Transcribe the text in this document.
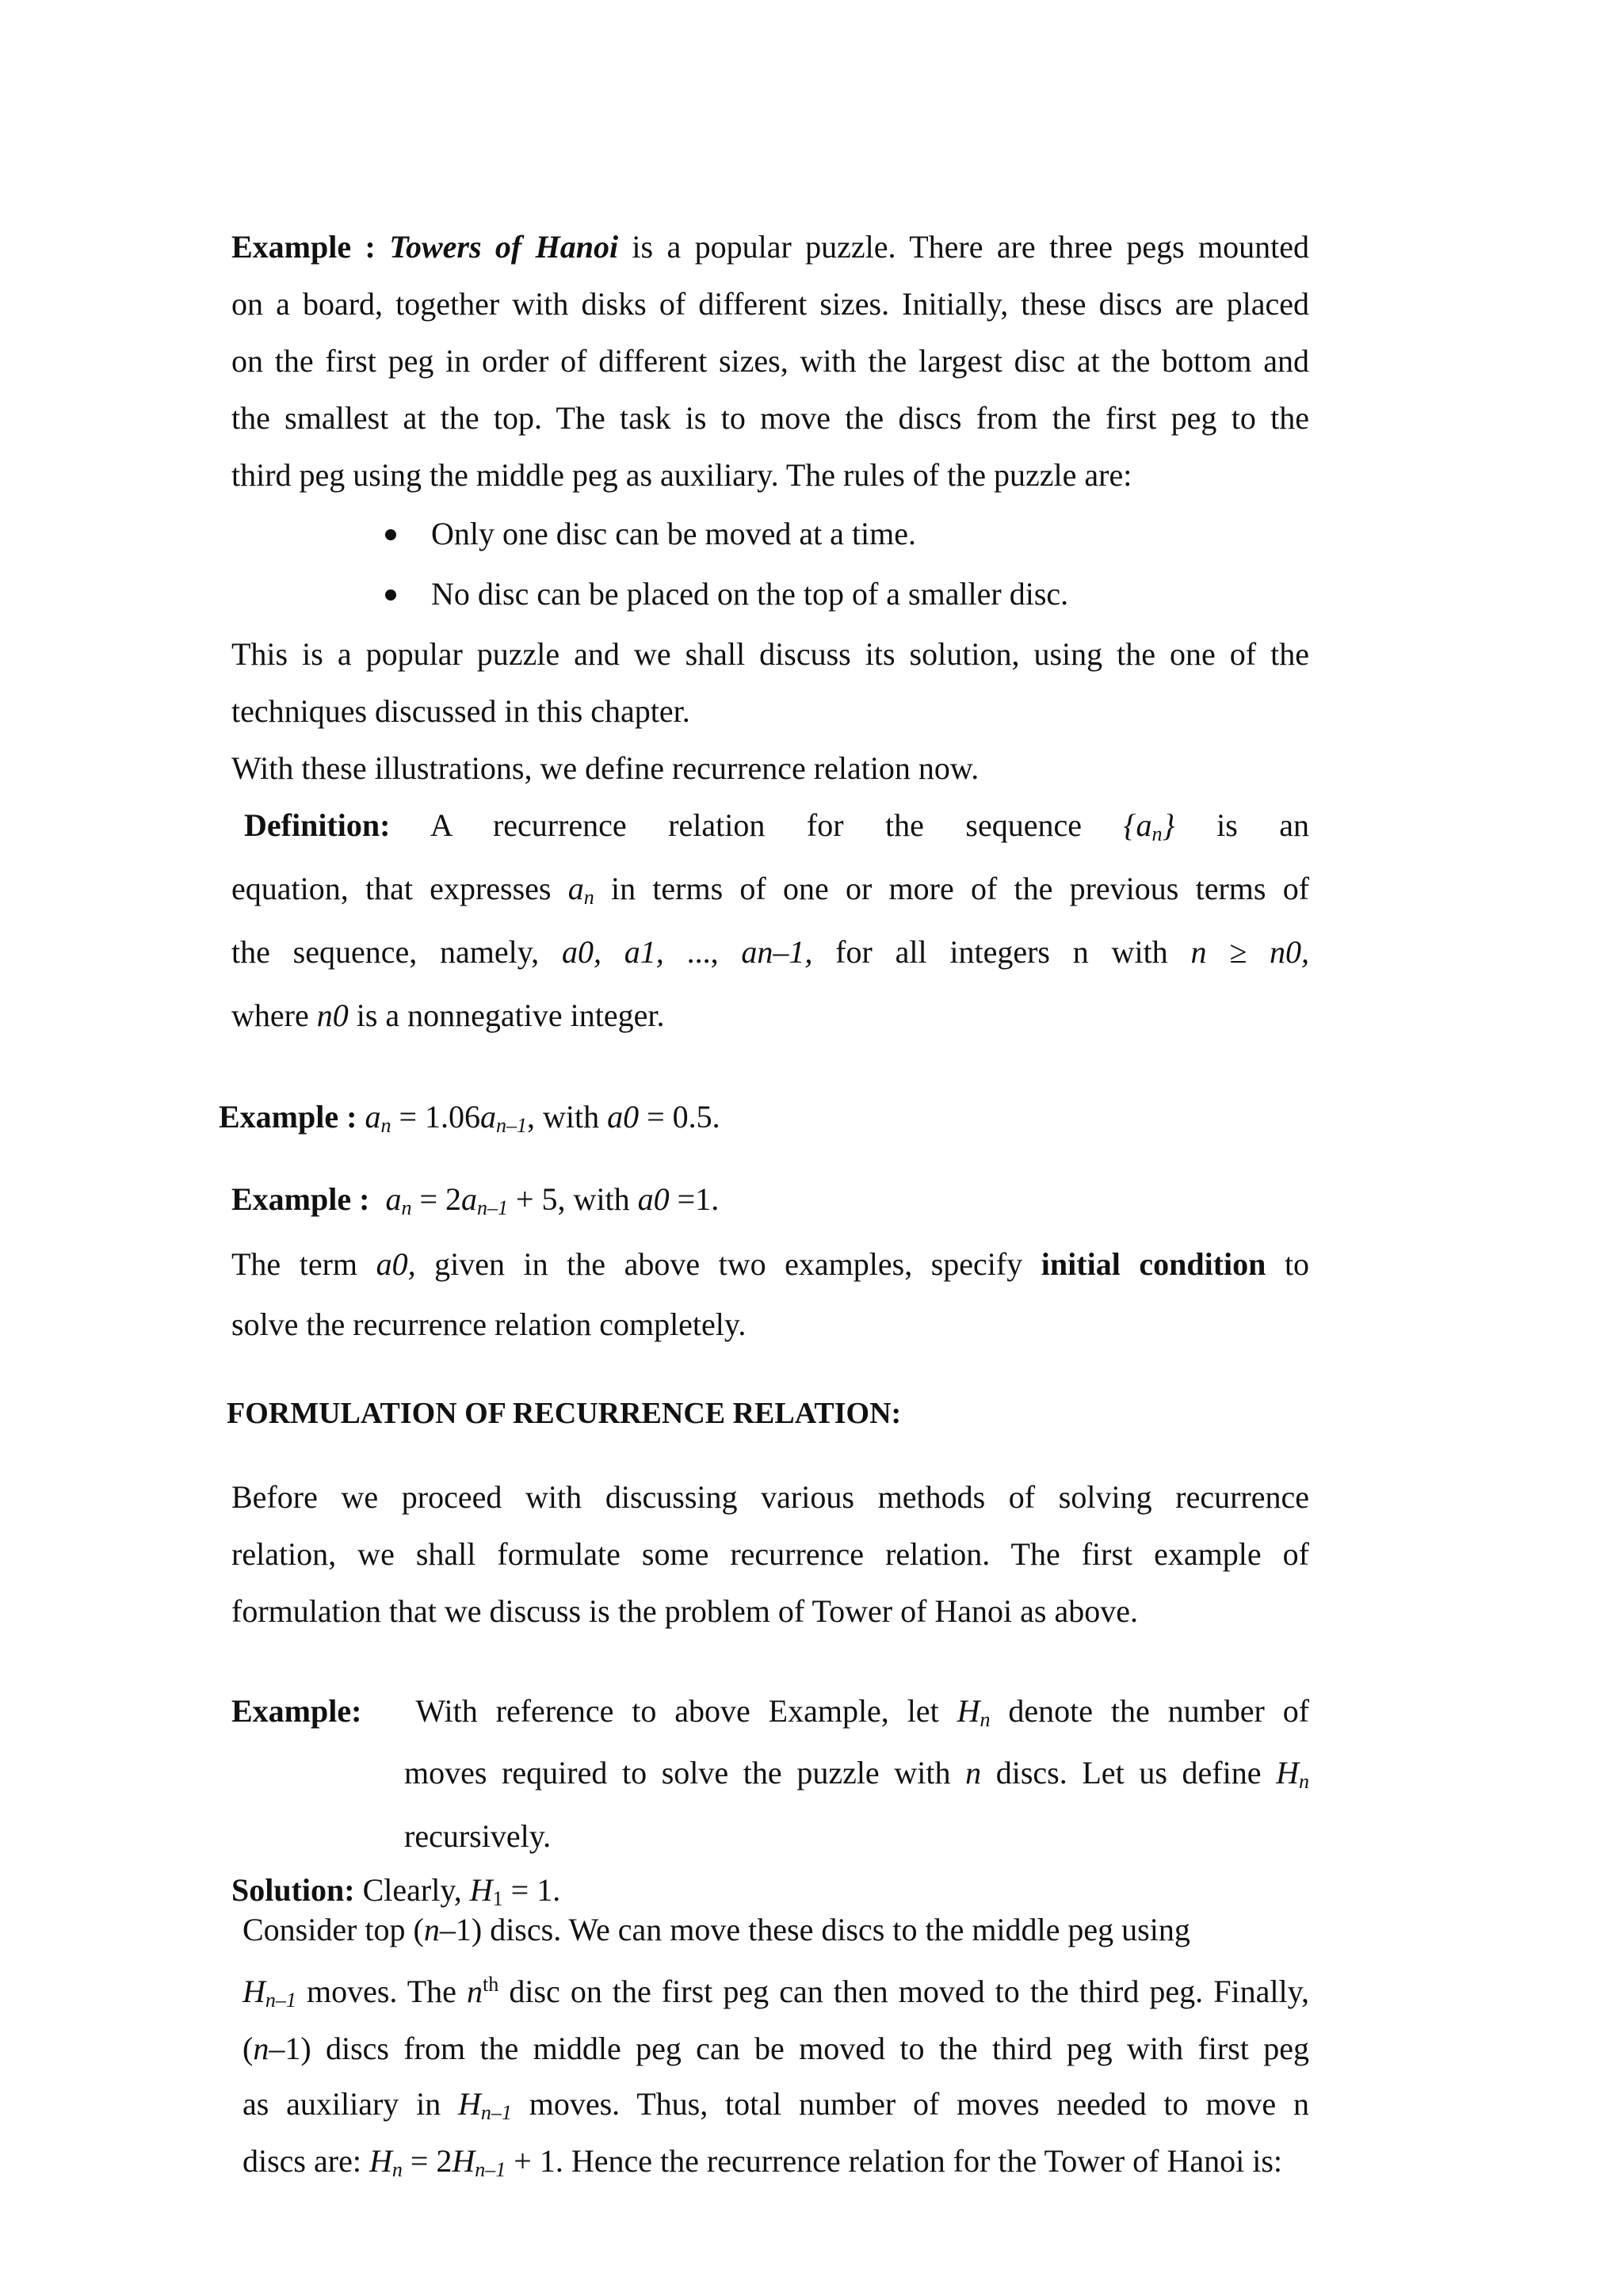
Example : Towers of Hanoi is a popular puzzle. There are three pegs mounted
on a board, together with disks of different sizes. Initially, these discs are placed
on the first peg in order of different sizes, with the largest disc at the bottom and
the smallest at the top. The task is to move the discs from the first peg to the
third peg using the middle peg as auxiliary. The rules of the puzzle are:
Only one disc can be moved at a time.
No disc can be placed on the top of a smaller disc.
This is a popular puzzle and we shall discuss its solution, using the one of the
techniques discussed in this chapter.
With these illustrations, we define recurrence relation now.
Definition: A recurrence relation for the sequence $\{a_n\}$ is an
equation, that expresses $a_n$ in terms of one or more of the previous terms of
the sequence, namely, a0, a1, ..., an–1, for all integers n with n ≥ n0,
where n0 is a nonnegative integer.
Example : $a_n = 1.06a_{n-1}$, with a0 = 0.5.
Example : $a_n = 2a_{n-1} + 5$, with a0 =1.
The term a0, given in the above two examples, specify initial condition to
solve the recurrence relation completely.
FORMULATION OF RECURRENCE RELATION:
Before we proceed with discussing various methods of solving recurrence
relation, we shall formulate some recurrence relation. The first example of
formulation that we discuss is the problem of Tower of Hanoi as above.
Example: With reference to above Example, let $H_n$ denote the number of
moves required to solve the puzzle with n discs. Let us define $H_n$
recursively.
Solution: Clearly, $H_1 = 1$.
Consider top (n–1) discs. We can move these discs to the middle peg using
$H_{n-1}$ moves. The $n^{th}$ disc on the first peg can then moved to the third peg. Finally,
(n–1) discs from the middle peg can be moved to the third peg with first peg
as auxiliary in $H_{n-1}$ moves. Thus, total number of moves needed to move n
discs are: $H_n = 2H_{n-1} + 1$. Hence the recurrence relation for the Tower of Hanoi is:
